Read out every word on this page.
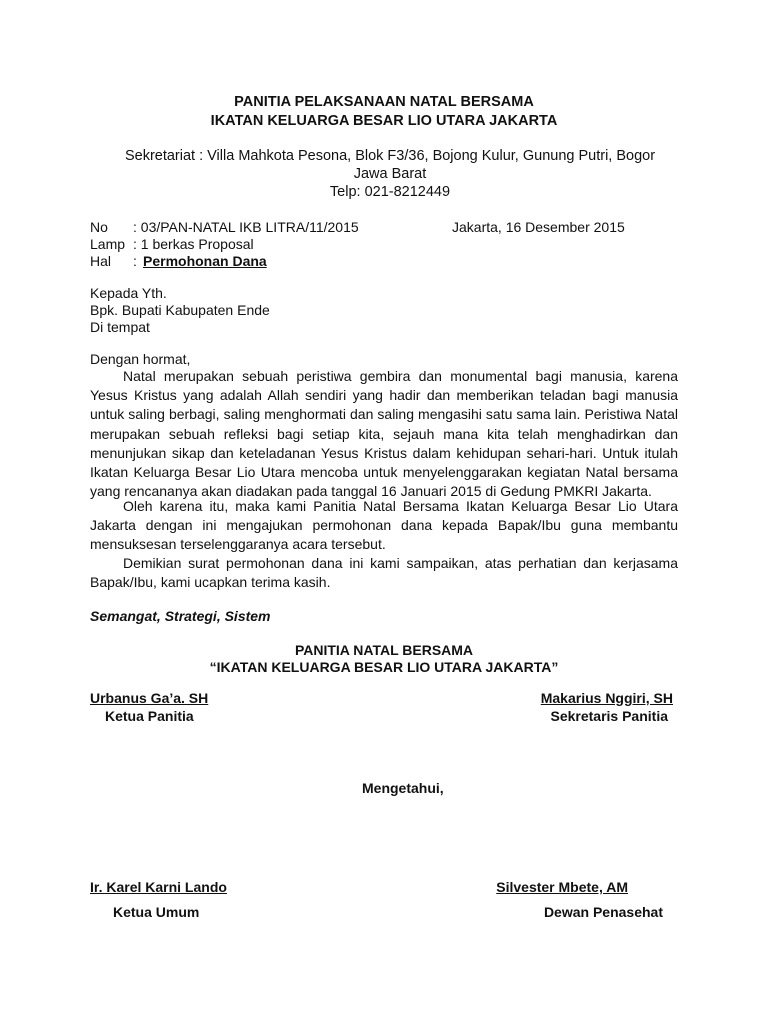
PANITIA PELAKSANAAN NATAL BERSAMA

IKATAN KELUARGA BESAR LIO UTARA JAKARTA

Sekretariat : Villa Mahkota Pesona, Blok F3/36, Bojong Kulur, Gunung Putri, Bogor

Jawa Barat

Telp: 021-8212449

No : 03/PAN-NATAL IKB LITRA/11/2015	Jakarta, 16 Desember 2015
Lamp : 1 berkas Proposal
Hal : Permohonan Dana

Kepada Yth.

Bpk. Bupati Kabupaten Ende

Di tempat

Dengan hormat,

Natal merupakan sebuah peristiwa gembira dan monumental bagi manusia, karena Yesus Kristus yang adalah Allah sendiri yang hadir dan memberikan teladan bagi manusia untuk saling berbagi, saling menghormati dan saling mengasihi satu sama lain. Peristiwa Natal merupakan sebuah refleksi bagi setiap kita, sejauh mana kita telah menghadirkan dan menunjukan sikap dan keteladanan Yesus Kristus dalam kehidupan sehari-hari. Untuk itulah Ikatan Keluarga Besar Lio Utara mencoba untuk menyelenggarakan kegiatan Natal bersama yang rencananya akan diadakan pada tanggal 16 Januari 2015 di Gedung PMKRI Jakarta.

Oleh karena itu, maka kami Panitia Natal Bersama Ikatan Keluarga Besar Lio Utara Jakarta dengan ini mengajukan permohonan dana kepada Bapak/Ibu guna membantu mensuksesan terselenggaranya acara tersebut.

Demikian surat permohonan dana ini kami sampaikan, atas perhatian dan kerjasama Bapak/Ibu, kami ucapkan terima kasih.

Semangat, Strategi, Sistem

PANITIA NATAL BERSAMA

“IKATAN KELUARGA BESAR LIO UTARA JAKARTA”

Urbanus Ga’a. SH

Ketua Panitia

Makarius Nggiri, SH

Sekretaris Panitia

Mengetahui,

Ir. Karel Karni Lando

Ketua Umum

Silvester Mbete, AM

Dewan Penasehat
